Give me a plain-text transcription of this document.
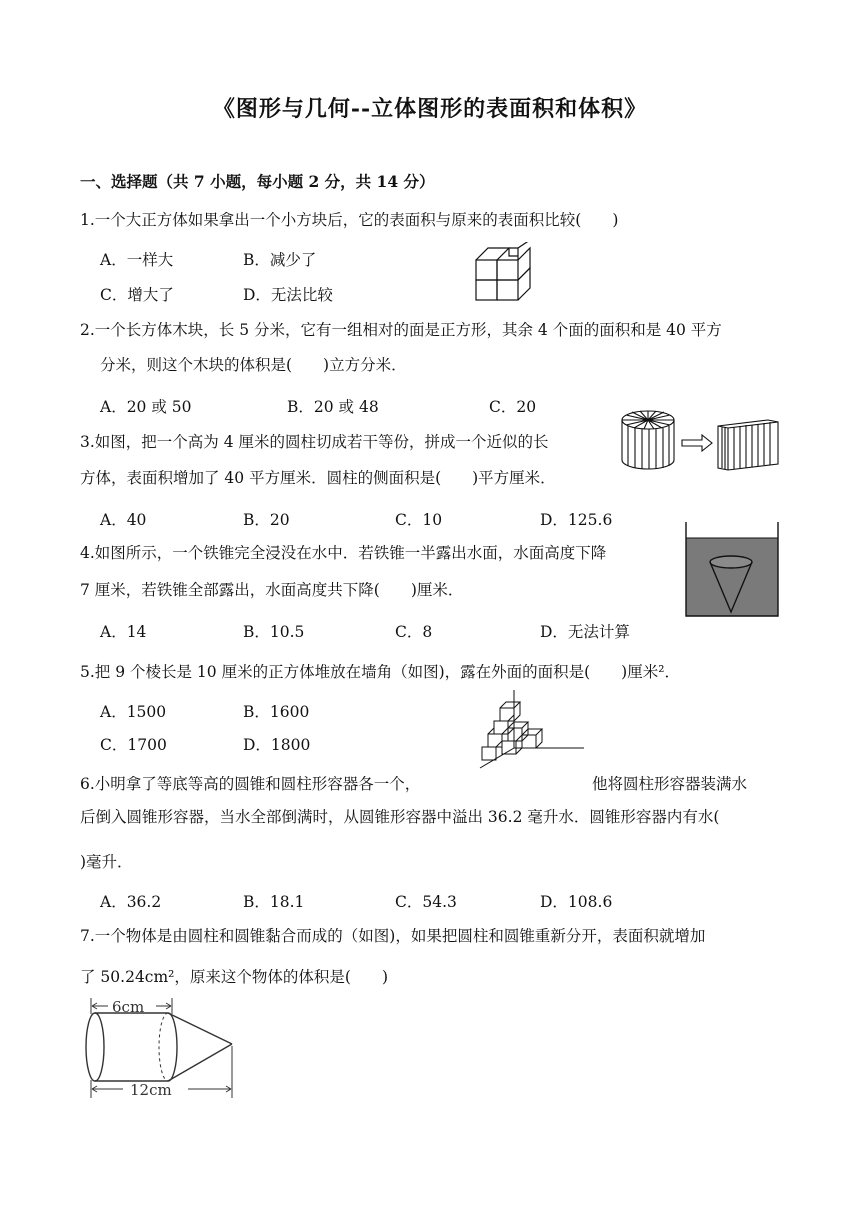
《图形与几何--立体图形的表面积和体积》
一、选择题（共 7 小题，每小题 2 分，共 14 分）
1.一个大正方体如果拿出一个小方块后，它的表面积与原来的表面积比较(　　)
A．一样大	B．减少了
C．增大了	D．无法比较
2.一个长方体木块，长 5 分米，它有一组相对的面是正方形，其余 4 个面的面积和是 40 平方
分米，则这个木块的体积是(　　)立方分米．
A．20 或 50	B．20 或 48	C．20
3.如图，把一个高为 4 厘米的圆柱切成若干等份，拼成一个近似的长
方体，表面积增加了 40 平方厘米．圆柱的侧面积是(　　)平方厘米．
A．40	B．20	C．10	D．125.6
4.如图所示，一个铁锥完全浸没在水中．若铁锥一半露出水面，水面高度下降
7 厘米，若铁锥全部露出，水面高度共下降(　　)厘米．
A．14	B．10.5	C．8	D．无法计算
5.把 9 个棱长是 10 厘米的正方体堆放在墙角（如图)，露在外面的面积是(　　)厘米²．
A．1500	B．1600
C．1700	D．1800
6.小明拿了等底等高的圆锥和圆柱形容器各一个，	他将圆柱形容器装满水
后倒入圆锥形容器，当水全部倒满时，从圆锥形容器中溢出 36.2 毫升水．圆锥形容器内有水(
)毫升．
A．36.2	B．18.1	C．54.3	D．108.6
7.一个物体是由圆柱和圆锥黏合而成的（如图)，如果把圆柱和圆锥重新分开，表面积就增加
了 50.24cm²，原来这个物体的体积是(　　)
6cm
12cm
